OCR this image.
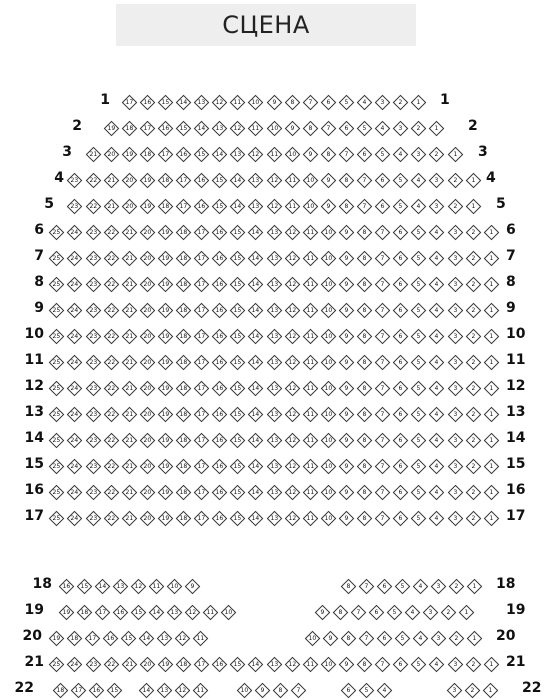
СЦЕНА
1	1
17 16 15 14 13 12 11 10 9 8 7 6 5 4 3 2 1
2	2
19 18 17 16 15 14 13 12 11 10 9 8 7 6 5 4 3 2 1
3	3
21 20 19 18 17 16 15 14 13 12 11 10 9 8 7 6 5 4 3 2 1
4	4
23 22 21 20 19 18 17 16 15 14 13 12 11 10 9 8 7 6 5 4 3 2 1
5	5
23 22 21 20 19 18 17 16 15 14 13 12 11 10 9 8 7 6 5 4 3 2 1
6	6
25 24 23 22 21 20 19 18 17 16 15 14 13 12 11 10 9 8 7 6 5 4 3 2 1
7	7
25 24 23 22 21 20 19 18 17 16 15 14 13 12 11 10 9 8 7 6 5 4 3 2 1
8	8
25 24 23 22 21 20 19 18 17 16 15 14 13 12 11 10 9 8 7 6 5 4 3 2 1
9	9
25 24 23 22 21 20 19 18 17 16 15 14 13 12 11 10 9 8 7 6 5 4 3 2 1
10	10
25 24 23 22 21 20 19 18 17 16 15 14 13 12 11 10 9 8 7 6 5 4 3 2 1
11	11
25 24 23 22 21 20 19 18 17 16 15 14 13 12 11 10 9 8 7 6 5 4 3 2 1
12	12
25 24 23 22 21 20 19 18 17 16 15 14 13 12 11 10 9 8 7 6 5 4 3 2 1
13	13
25 24 23 22 21 20 19 18 17 16 15 14 13 12 11 10 9 8 7 6 5 4 3 2 1
14	14
25 24 23 22 21 20 19 18 17 16 15 14 13 12 11 10 9 8 7 6 5 4 3 2 1
15	15
25 24 23 22 21 20 19 18 17 16 15 14 13 12 11 10 9 8 7 6 5 4 3 2 1
16	16
25 24 23 22 21 20 19 18 17 16 15 14 13 12 11 10 9 8 7 6 5 4 3 2 1
17	17
25 24 23 22 21 20 19 18 17 16 15 14 13 12 11 10 9 8 7 6 5 4 3 2 1
18	18
16 15 14 13 12 11 10 9	8 7 6 5 4 3 2 1
19	19
19 18 17 16 15 14 13 12 11 10	9 8 7 6 5 4 3 2 1
20	20
19 18 17 16 15 14 13 12 11	10 9 8 7 6 5 4 3 2 1
21	21
25 24 23 22 21 20 19 18 17 16 15 14 13 12 11 10 9 8 7 6 5 4 3 2 1
22	22
18 17 16 15	14 13 12 11	10 9 8 7	6 5 4	3 2 1
